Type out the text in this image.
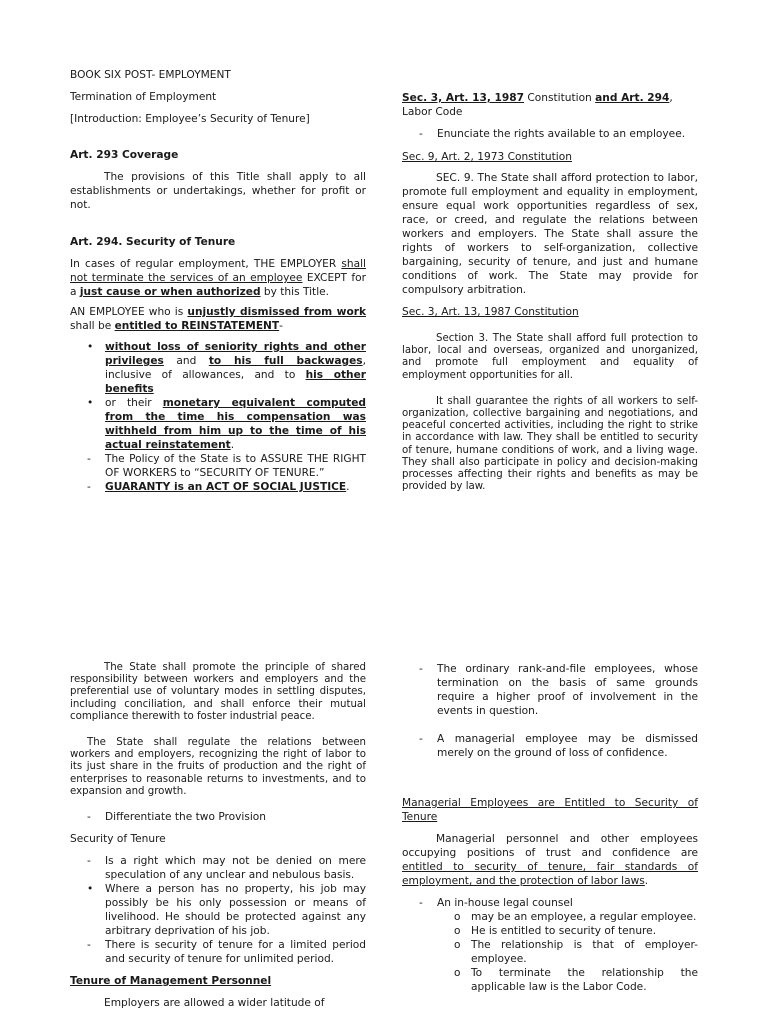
BOOK SIX POST- EMPLOYMENT

Termination of Employment

[Introduction: Employee’s Security of Tenure]

Art. 293 Coverage

The provisions of this Title shall apply to all establishments or undertakings, whether for profit or not.

Art. 294. Security of Tenure

In cases of regular employment, THE EMPLOYER shall not terminate the services of an employee EXCEPT for a just cause or when authorized by this Title.

AN EMPLOYEE who is unjustly dismissed from work shall be entitled to REINSTATEMENT-

• without loss of seniority rights and other privileges and to his full backwages, inclusive of allowances, and to his other benefits
• or their monetary equivalent computed from the time his compensation was withheld from him up to the time of his actual reinstatement.
- The Policy of the State is to ASSURE THE RIGHT OF WORKERS to “SECURITY OF TENURE.”
- GUARANTY is an ACT OF SOCIAL JUSTICE.

Sec. 3, Art. 13, 1987 Constitution and Art. 294, Labor Code

- Enunciate the rights available to an employee.

Sec. 9, Art. 2, 1973 Constitution

SEC. 9. The State shall afford protection to labor, promote full employment and equality in employment, ensure equal work opportunities regardless of sex, race, or creed, and regulate the relations between workers and employers. The State shall assure the rights of workers to self-organization, collective bargaining, security of tenure, and just and humane conditions of work. The State may provide for compulsory arbitration.

Sec. 3, Art. 13, 1987 Constitution

Section 3. The State shall afford full protection to labor, local and overseas, organized and unorganized, and promote full employment and equality of employment opportunities for all.

It shall guarantee the rights of all workers to self-organization, collective bargaining and negotiations, and peaceful concerted activities, including the right to strike in accordance with law. They shall be entitled to security of tenure, humane conditions of work, and a living wage. They shall also participate in policy and decision-making processes affecting their rights and benefits as may be provided by law.

The State shall promote the principle of shared responsibility between workers and employers and the preferential use of voluntary modes in settling disputes, including conciliation, and shall enforce their mutual compliance therewith to foster industrial peace.

The State shall regulate the relations between workers and employers, recognizing the right of labor to its just share in the fruits of production and the right of enterprises to reasonable returns to investments, and to expansion and growth.

- Differentiate the two Provision

Security of Tenure

- Is a right which may not be denied on mere speculation of any unclear and nebulous basis.
• Where a person has no property, his job may possibly be his only possession or means of livelihood. He should be protected against any arbitrary deprivation of his job.
- There is security of tenure for a limited period and security of tenure for unlimited period.

Tenure of Management Personnel

Employers are allowed a wider latitude of

- The ordinary rank-and-file employees, whose termination on the basis of same grounds require a higher proof of involvement in the events in question.
- A managerial employee may be dismissed merely on the ground of loss of confidence.

Managerial Employees are Entitled to Security of Tenure

Managerial personnel and other employees occupying positions of trust and confidence are entitled to security of tenure, fair standards of employment, and the protection of labor laws.

- An in-house legal counsel
o may be an employee, a regular employee.
o He is entitled to security of tenure.
o The relationship is that of employer-employee.
o To terminate the relationship the applicable law is the Labor Code.
